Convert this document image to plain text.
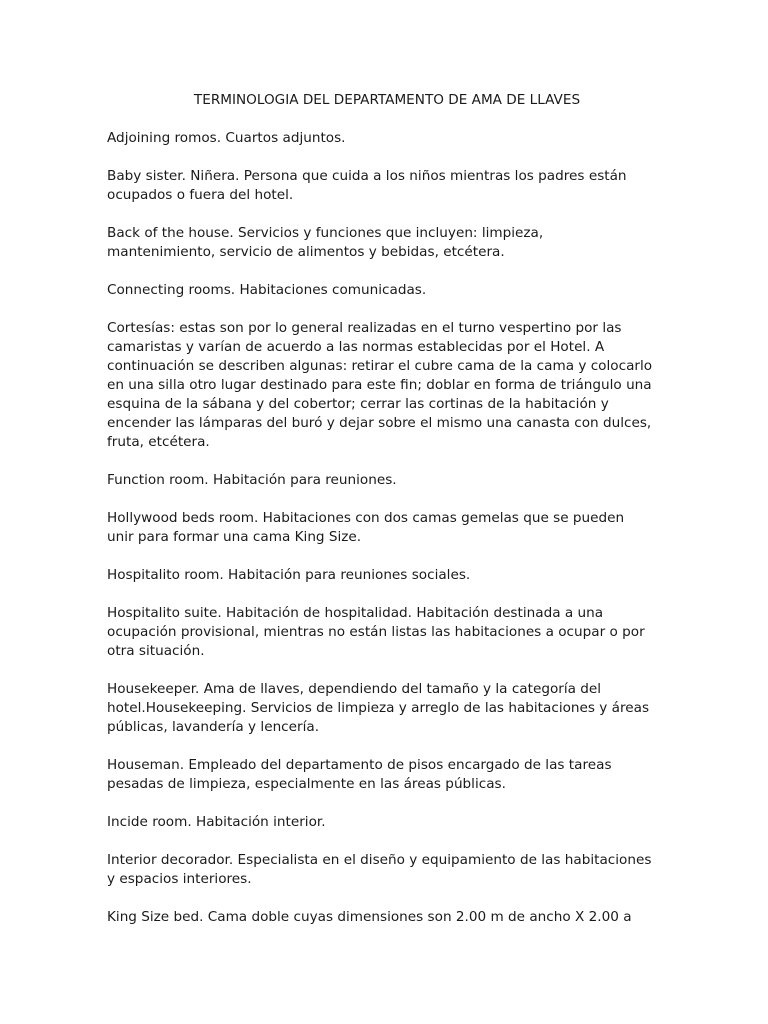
TERMINOLOGIA DEL DEPARTAMENTO DE AMA DE LLAVES

Adjoining romos. Cuartos adjuntos.

Baby sister. Niñera. Persona que cuida a los niños mientras los padres están
ocupados o fuera del hotel.

Back of the house. Servicios y funciones que incluyen: limpieza,
mantenimiento, servicio de alimentos y bebidas, etcétera.

Connecting rooms. Habitaciones comunicadas.

Cortesías: estas son por lo general realizadas en el turno vespertino por las
camaristas y varían de acuerdo a las normas establecidas por el Hotel. A
continuación se describen algunas: retirar el cubre cama de la cama y colocarlo
en una silla otro lugar destinado para este fin; doblar en forma de triángulo una
esquina de la sábana y del cobertor; cerrar las cortinas de la habitación y
encender las lámparas del buró y dejar sobre el mismo una canasta con dulces,
fruta, etcétera.

Function room. Habitación para reuniones.

Hollywood beds room. Habitaciones con dos camas gemelas que se pueden
unir para formar una cama King Size.

Hospitalito room. Habitación para reuniones sociales.

Hospitalito suite. Habitación de hospitalidad. Habitación destinada a una
ocupación provisional, mientras no están listas las habitaciones a ocupar o por
otra situación.

Housekeeper. Ama de llaves, dependiendo del tamaño y la categoría del
hotel.Housekeeping. Servicios de limpieza y arreglo de las habitaciones y áreas
públicas, lavandería y lencería.

Houseman. Empleado del departamento de pisos encargado de las tareas
pesadas de limpieza, especialmente en las áreas públicas.

Incide room. Habitación interior.

Interior decorador. Especialista en el diseño y equipamiento de las habitaciones
y espacios interiores.

King Size bed. Cama doble cuyas dimensiones son 2.00 m de ancho X 2.00 a
